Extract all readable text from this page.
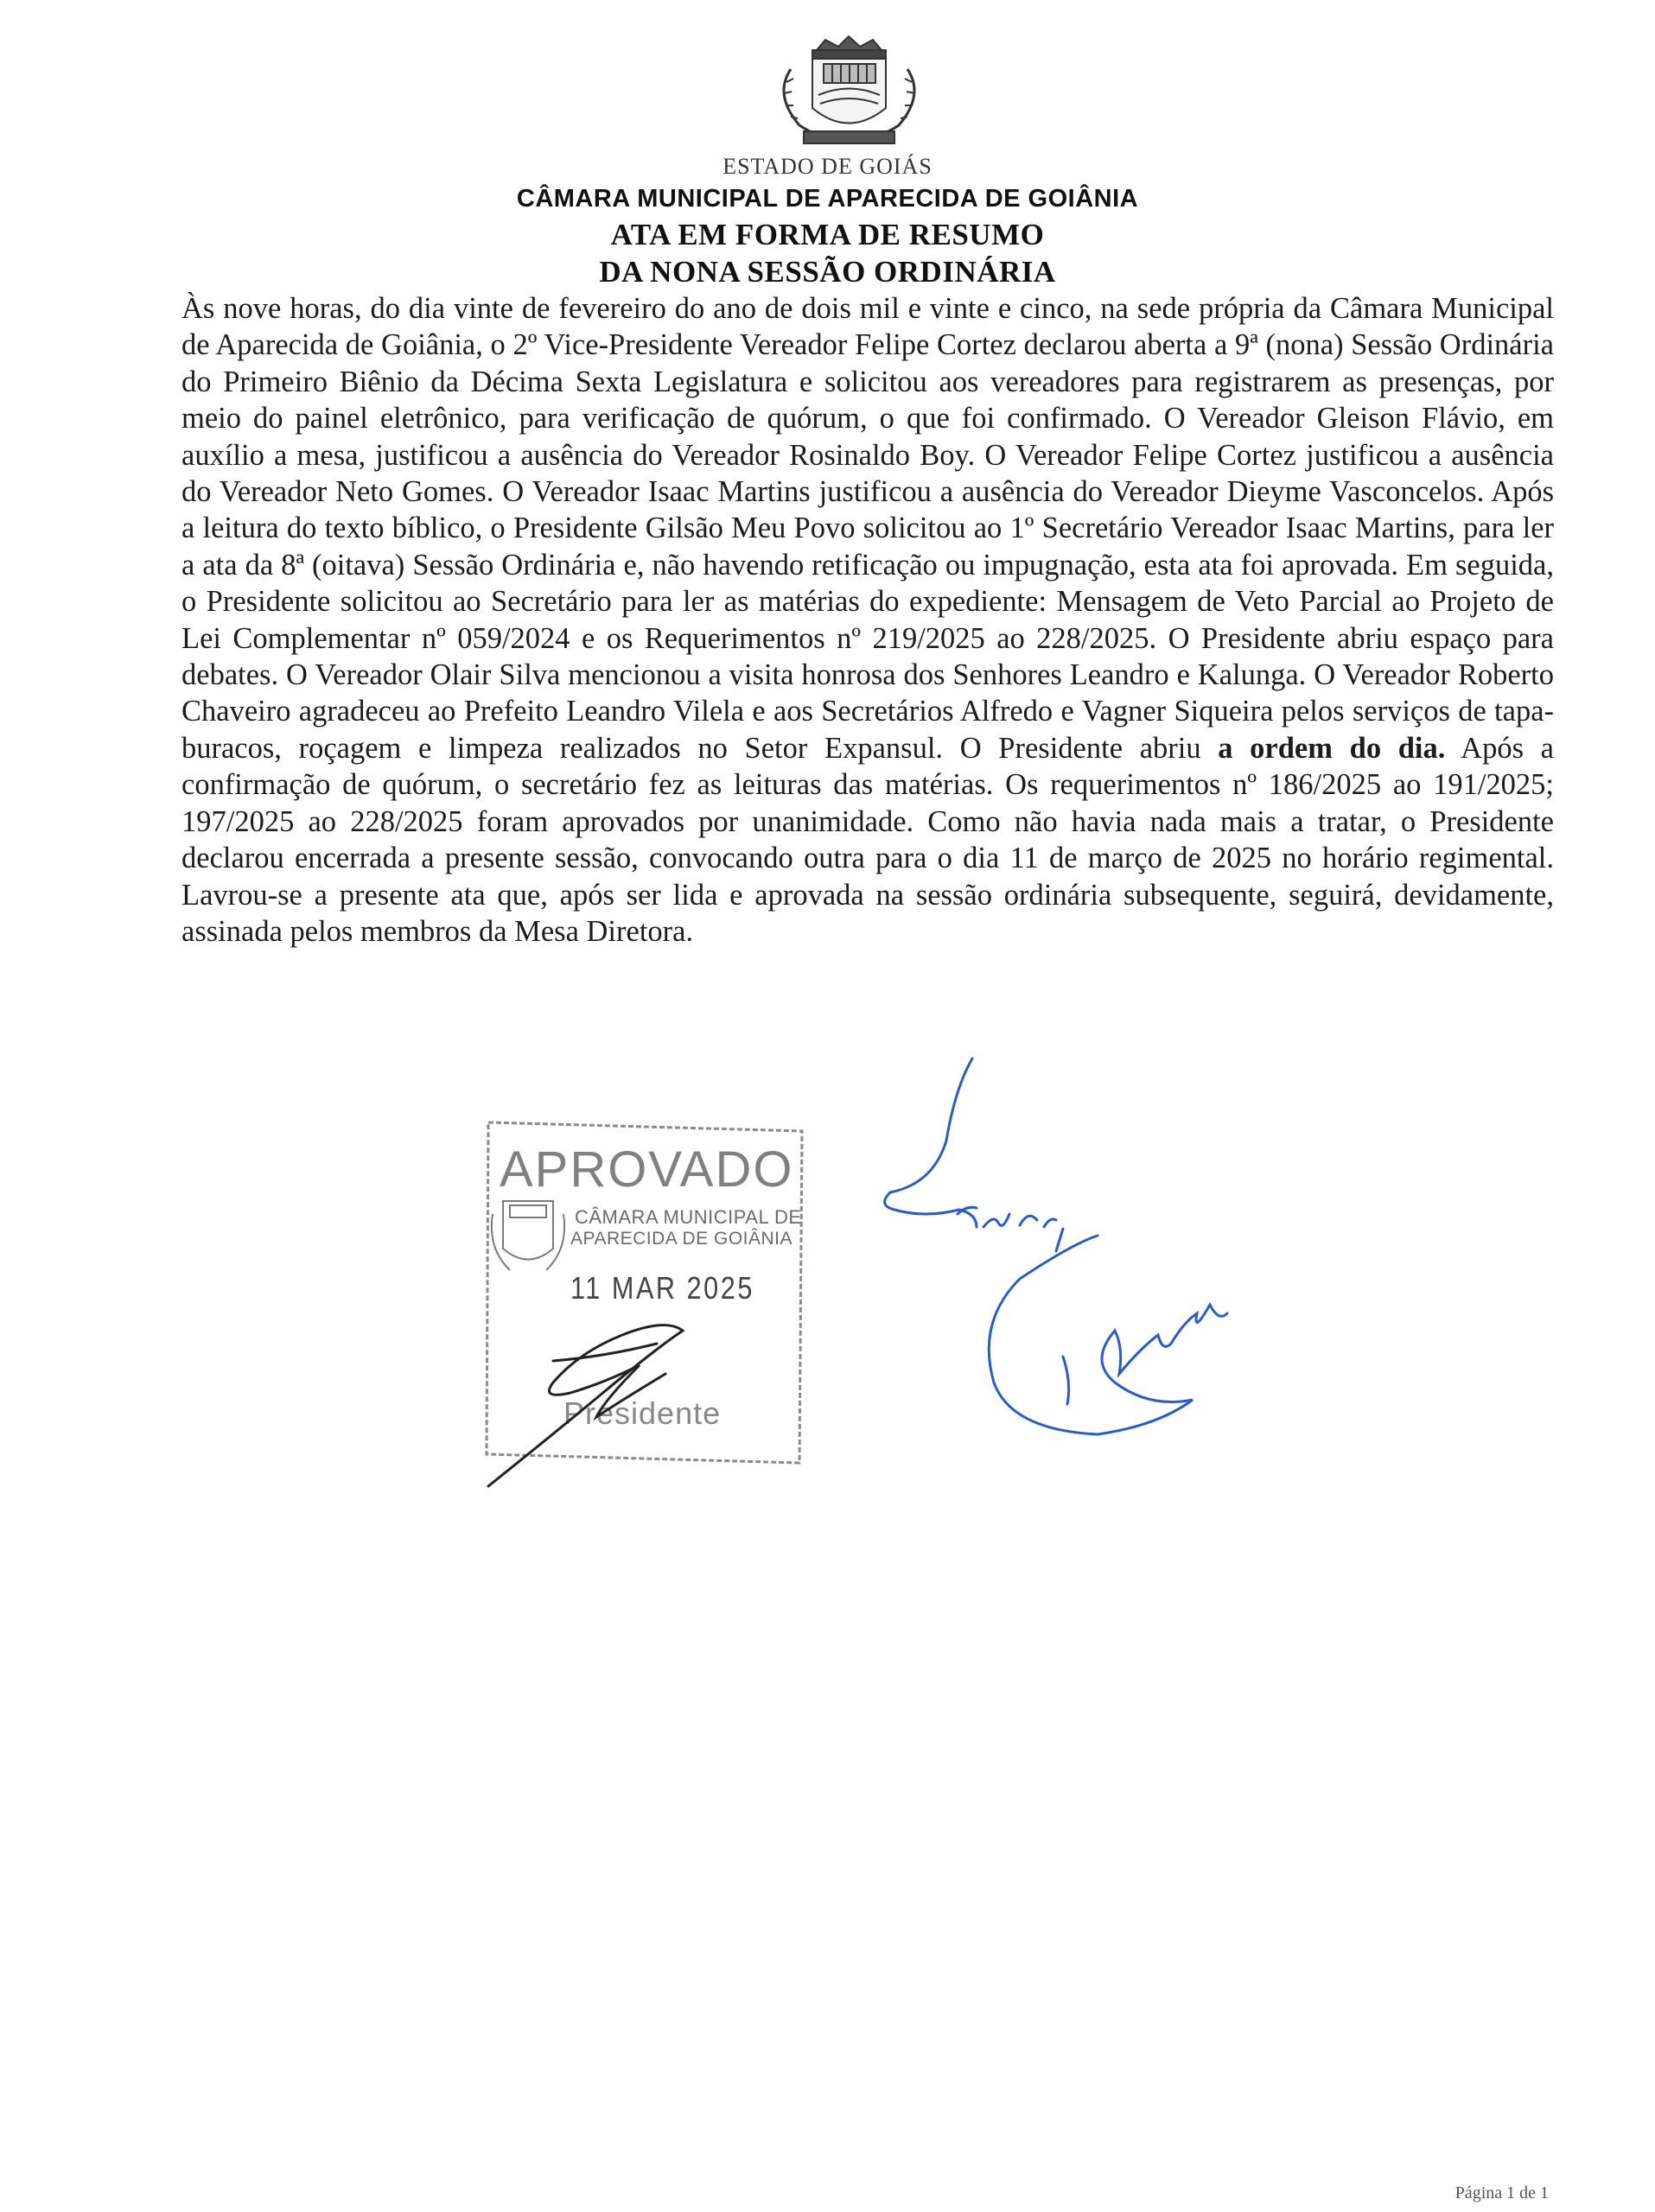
ESTADO DE GOIÁS
CÂMARA MUNICIPAL DE APARECIDA DE GOIÂNIA
ATA EM FORMA DE RESUMO
DA NONA SESSÃO ORDINÁRIA
Às nove horas, do dia vinte de fevereiro do ano de dois mil e vinte e cinco, na sede própria da Câmara Municipal de Aparecida de Goiânia, o 2º Vice-Presidente Vereador Felipe Cortez declarou aberta a 9ª (nona) Sessão Ordinária do Primeiro Biênio da Décima Sexta Legislatura e solicitou aos vereadores para registrarem as presenças, por meio do painel eletrônico, para verificação de quórum, o que foi confirmado. O Vereador Gleison Flávio, em auxílio a mesa, justificou a ausência do Vereador Rosinaldo Boy. O Vereador Felipe Cortez justificou a ausência do Vereador Neto Gomes. O Vereador Isaac Martins justificou a ausência do Vereador Dieyme Vasconcelos. Após a leitura do texto bíblico, o Presidente Gilsão Meu Povo solicitou ao 1º Secretário Vereador Isaac Martins, para ler a ata da 8ª (oitava) Sessão Ordinária e, não havendo retificação ou impugnação, esta ata foi aprovada. Em seguida, o Presidente solicitou ao Secretário para ler as matérias do expediente: Mensagem de Veto Parcial ao Projeto de Lei Complementar nº 059/2024 e os Requerimentos nº 219/2025 ao 228/2025. O Presidente abriu espaço para debates. O Vereador Olair Silva mencionou a visita honrosa dos Senhores Leandro e Kalunga. O Vereador Roberto Chaveiro agradeceu ao Prefeito Leandro Vilela e aos Secretários Alfredo e Vagner Siqueira pelos serviços de tapa-buracos, roçagem e limpeza realizados no Setor Expansul. O Presidente abriu a ordem do dia. Após a confirmação de quórum, o secretário fez as leituras das matérias. Os requerimentos nº 186/2025 ao 191/2025; 197/2025 ao 228/2025 foram aprovados por unanimidade. Como não havia nada mais a tratar, o Presidente declarou encerrada a presente sessão, convocando outra para o dia 11 de março de 2025 no horário regimental. Lavrou-se a presente ata que, após ser lida e aprovada na sessão ordinária subsequente, seguirá, devidamente, assinada pelos membros da Mesa Diretora.
APROVADO
CÂMARA MUNICIPAL DE
APARECIDA DE GOIÂNIA
11 MAR 2025
Presidente
Página 1 de 1
